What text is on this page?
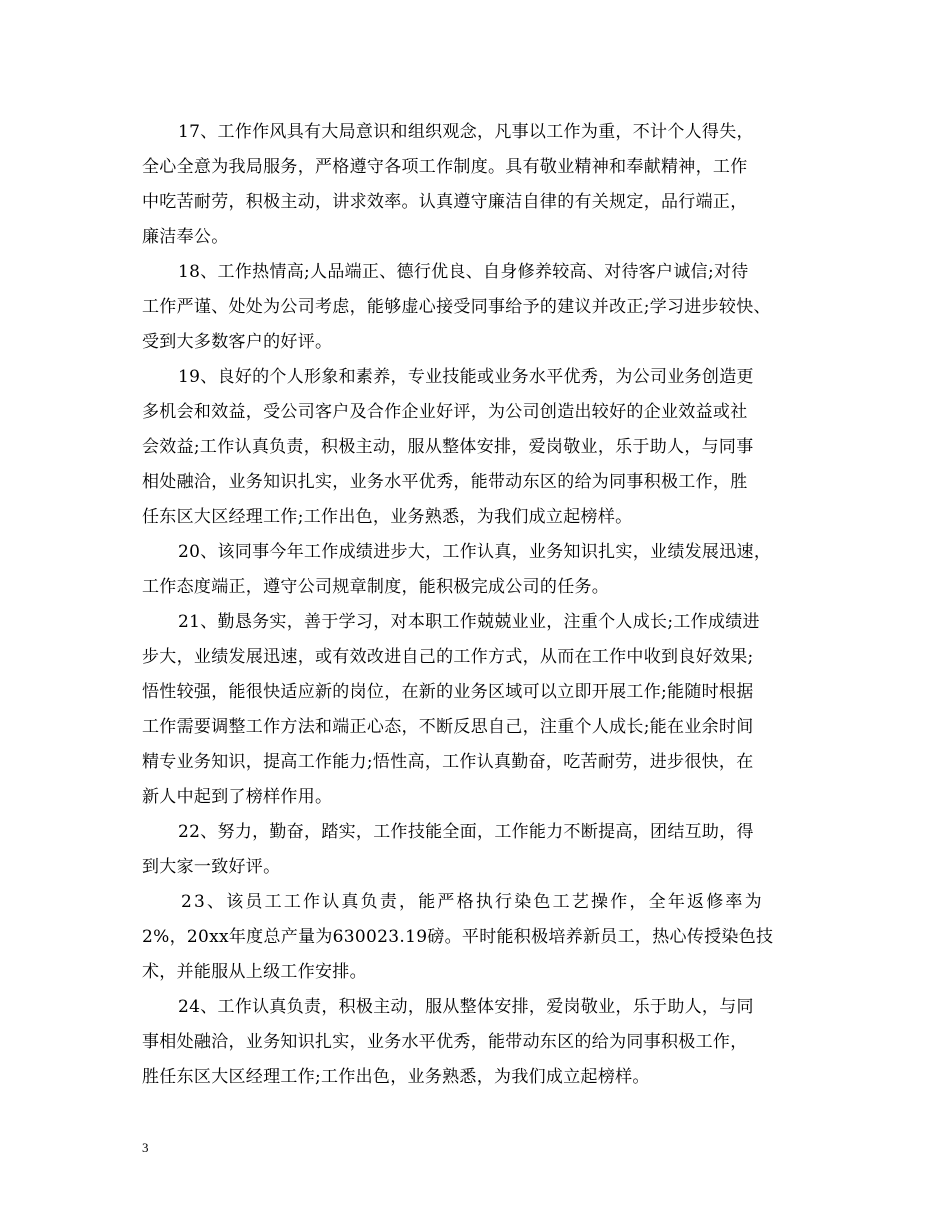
17、工作作风具有大局意识和组织观念，凡事以工作为重，不计个人得失，
全心全意为我局服务，严格遵守各项工作制度。具有敬业精神和奉献精神，工作
中吃苦耐劳，积极主动，讲求效率。认真遵守廉洁自律的有关规定，品行端正，
廉洁奉公。
18、工作热情高;人品端正、德行优良、自身修养较高、对待客户诚信;对待
工作严谨、处处为公司考虑，能够虚心接受同事给予的建议并改正;学习进步较快、
受到大多数客户的好评。
19、良好的个人形象和素养，专业技能或业务水平优秀，为公司业务创造更
多机会和效益，受公司客户及合作企业好评，为公司创造出较好的企业效益或社
会效益;工作认真负责，积极主动，服从整体安排，爱岗敬业，乐于助人，与同事
相处融洽，业务知识扎实，业务水平优秀，能带动东区的给为同事积极工作，胜
任东区大区经理工作;工作出色，业务熟悉，为我们成立起榜样。
20、该同事今年工作成绩进步大，工作认真，业务知识扎实，业绩发展迅速，
工作态度端正，遵守公司规章制度，能积极完成公司的任务。
21、勤恳务实，善于学习，对本职工作兢兢业业，注重个人成长;工作成绩进
步大，业绩发展迅速，或有效改进自己的工作方式，从而在工作中收到良好效果;
悟性较强，能很快适应新的岗位，在新的业务区域可以立即开展工作;能随时根据
工作需要调整工作方法和端正心态，不断反思自己，注重个人成长;能在业余时间
精专业务知识，提高工作能力;悟性高，工作认真勤奋，吃苦耐劳，进步很快，在
新人中起到了榜样作用。
22、努力，勤奋，踏实，工作技能全面，工作能力不断提高，团结互助，得
到大家一致好评。
23、该员工工作认真负责，能严格执行染色工艺操作，全年返修率为
2%，20xx年度总产量为630023.19磅。平时能积极培养新员工，热心传授染色技
术，并能服从上级工作安排。
24、工作认真负责，积极主动，服从整体安排，爱岗敬业，乐于助人，与同
事相处融洽，业务知识扎实，业务水平优秀，能带动东区的给为同事积极工作，
胜任东区大区经理工作;工作出色，业务熟悉，为我们成立起榜样。
3
